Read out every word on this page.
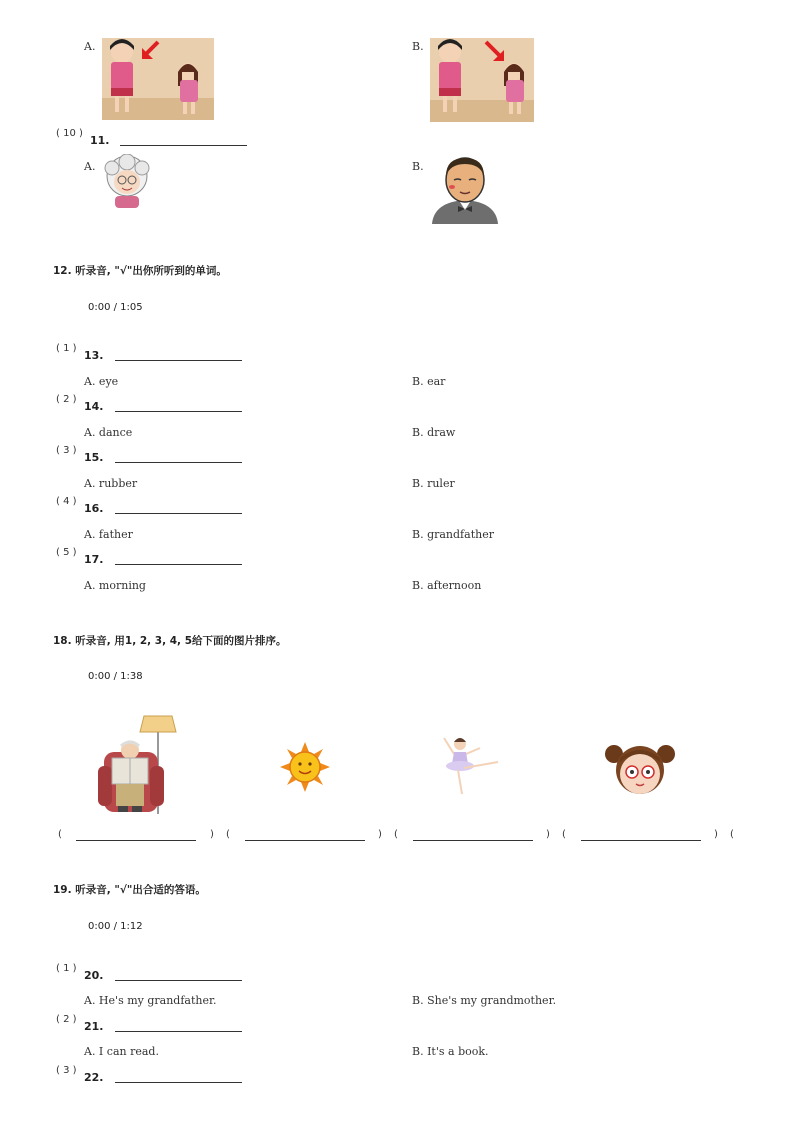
A.	B.
( 10 )
11.
A.	B.
12. 听录音, "√"出你所听到的单词。
0:00 / 1:05
( 1 )
13.
A. eye	B. ear
( 2 )
14.
A. dance	B. draw
( 3 )
15.
A. rubber	B. ruler
( 4 )
16.
A. father	B. grandfather
( 5 )
17.
A. morning	B. afternoon
18. 听录音, 用1, 2, 3, 4, 5给下面的图片排序。
0:00 / 1:38
(	) (	) (	) (	) (
19. 听录音, "√"出合适的答语。
0:00 / 1:12
( 1 )
20.
A. He's my grandfather.	B. She's my grandmother.
( 2 )
21.
A. I can read.	B. It's a book.
( 3 )
22.
